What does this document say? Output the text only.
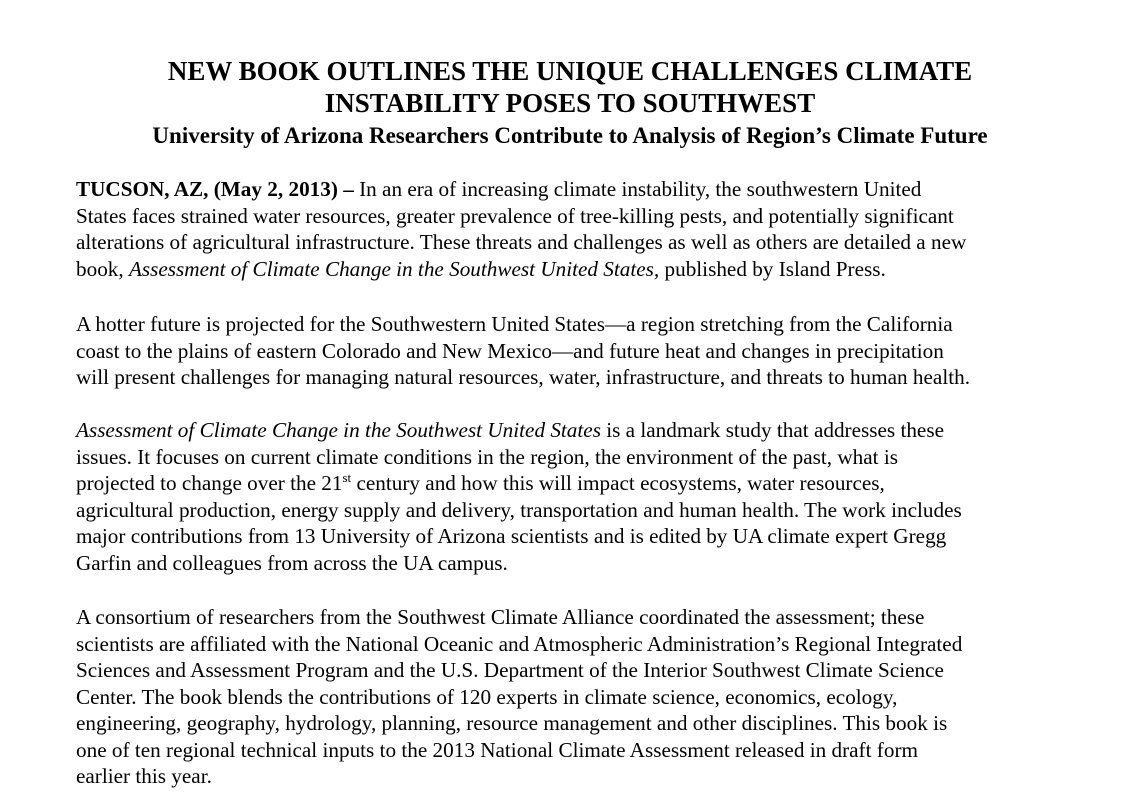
NEW BOOK OUTLINES THE UNIQUE CHALLENGES CLIMATE
INSTABILITY POSES TO SOUTHWEST
University of Arizona Researchers Contribute to Analysis of Region’s Climate Future

TUCSON, AZ, (May 2, 2013) – In an era of increasing climate instability, the southwestern United
States faces strained water resources, greater prevalence of tree-killing pests, and potentially significant
alterations of agricultural infrastructure. These threats and challenges as well as others are detailed a new
book, Assessment of Climate Change in the Southwest United States, published by Island Press.

A hotter future is projected for the Southwestern United States—a region stretching from the California
coast to the plains of eastern Colorado and New Mexico—and future heat and changes in precipitation
will present challenges for managing natural resources, water, infrastructure, and threats to human health.

Assessment of Climate Change in the Southwest United States is a landmark study that addresses these
issues. It focuses on current climate conditions in the region, the environment of the past, what is
projected to change over the 21st century and how this will impact ecosystems, water resources,
agricultural production, energy supply and delivery, transportation and human health. The work includes
major contributions from 13 University of Arizona scientists and is edited by UA climate expert Gregg
Garfin and colleagues from across the UA campus.

A consortium of researchers from the Southwest Climate Alliance coordinated the assessment; these
scientists are affiliated with the National Oceanic and Atmospheric Administration’s Regional Integrated
Sciences and Assessment Program and the U.S. Department of the Interior Southwest Climate Science
Center. The book blends the contributions of 120 experts in climate science, economics, ecology,
engineering, geography, hydrology, planning, resource management and other disciplines. This book is
one of ten regional technical inputs to the 2013 National Climate Assessment released in draft form
earlier this year.
